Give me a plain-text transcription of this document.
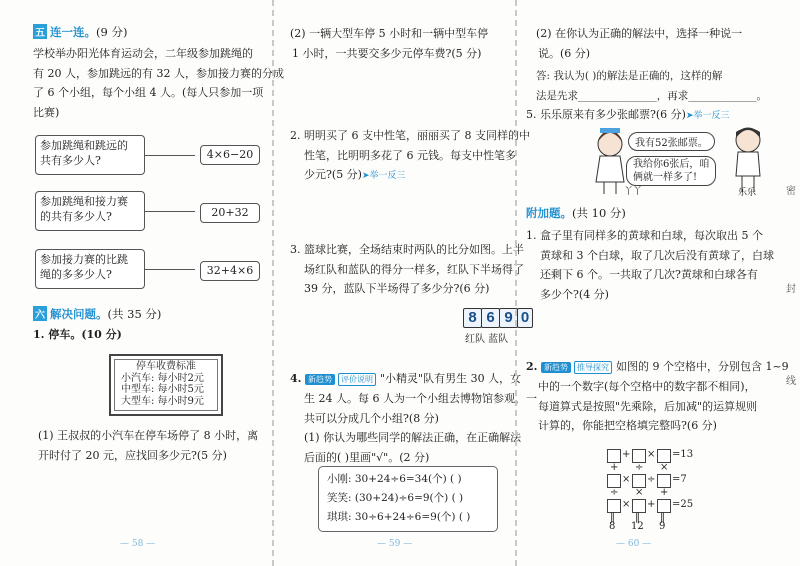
五 连一连。(9 分)
学校举办阳光体育运动会，二年级参加跳绳的
有 20 人，参加跳远的有 32 人，参加接力赛的分成
了 6 个小组，每个小组 4 人。(每人只参加一项
比赛)
参加跳绳和跳远的
共有多少人?
参加跳绳和接力赛
的共有多少人?
参加接力赛的比跳
绳的多多少人?
4×6−20
20+32
32+4×6
六 解决问题。(共 35 分)
1. 停车。(10 分)
停车收费标准
小汽车: 每小时2元
中型车: 每小时5元
大型车: 每小时9元
(1) 王叔叔的小汽车在停车场停了 8 小时，离
开时付了 20 元，应找回多少元?(5 分)
— 58 —
(2) 一辆大型车停 5 小时和一辆中型车停
1 小时，一共要交多少元停车费?(5 分)
2. 明明买了 6 支中性笔，丽丽买了 8 支同样的中
性笔，比明明多花了 6 元钱。每支中性笔多
少元?(5 分)➤举一反三
3. 篮球比赛，全场结束时两队的比分如图。上半
场红队和蓝队的得分一样多，红队下半场得了
39 分，蓝队下半场得了多少分?(6 分)
8 6 9 0
红队 蓝队
4. 新趋势 评价说明 "小精灵"队有男生 30 人，女
生 24 人。每 6 人为一个小组去博物馆参观，一
共可以分成几个小组?(8 分)
(1) 你认为哪些同学的解法正确，在正确解法
后面的( )里画"√"。(2 分)
小刚: 30+24÷6=34(个) ( )
笑笑: (30+24)÷6=9(个) ( )
琪琪: 30÷6+24÷6=9(个) ( )
— 59 —
(2) 在你认为正确的解法中，选择一种说一
说。(6 分)
答: 我认为( )的解法是正确的，这样的解
法是先求_______________，再求_____________。
5. 乐乐原来有多少张邮票?(6 分)➤举一反三
我有52张邮票。
我给你6张后，咱
俩就一样多了!
丫丫	乐乐
附加题。(共 10 分)
1. 盒子里有同样多的黄球和白球，每次取出 5 个
黄球和 3 个白球，取了几次后没有黄球了，白球
还剩下 6 个。一共取了几次?黄球和白球各有
多少个?(4 分)
2. 新趋势 推导探究 如图的 9 个空格中，分别包含 1~9
中的一个数字(每个空格中的数字都不相同)，
每道算式是按照"先乘除，后加减"的运算规则
计算的，你能把空格填完整吗?(6 分)
+ × =13
+ ÷ ×
× ÷ =7
÷ × +
× + =25
‖ ‖ ‖
8 12 9
— 60 —
密
封
线
